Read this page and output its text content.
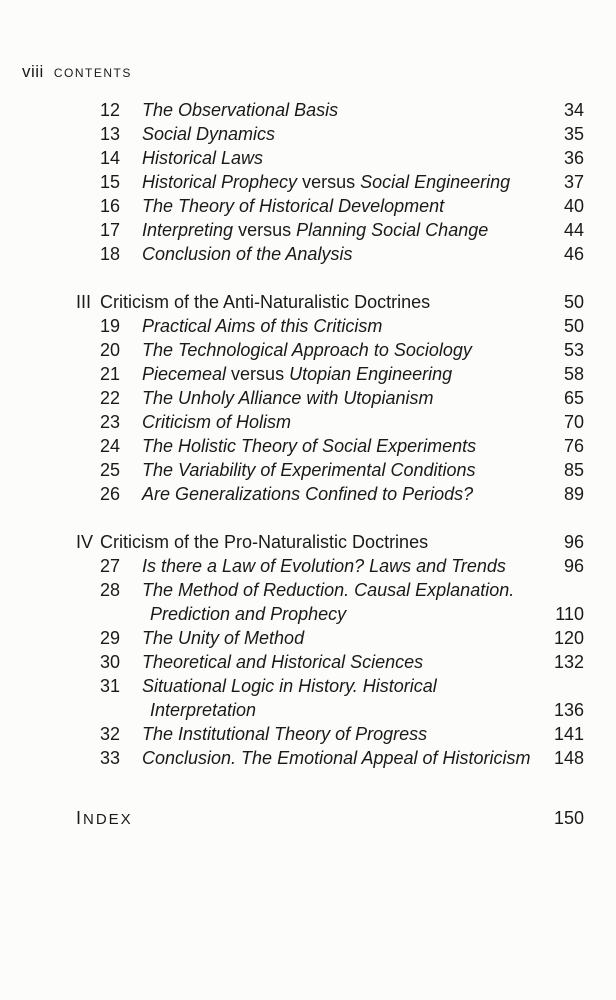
viii CONTENTS
12	The Observational Basis	34
13	Social Dynamics	35
14	Historical Laws	36
15	Historical Prophecy versus Social Engineering	37
16	The Theory of Historical Development	40
17	Interpreting versus Planning Social Change	44
18	Conclusion of the Analysis	46
III Criticism of the Anti-Naturalistic Doctrines	50
19	Practical Aims of this Criticism	50
20	The Technological Approach to Sociology	53
21	Piecemeal versus Utopian Engineering	58
22	The Unholy Alliance with Utopianism	65
23	Criticism of Holism	70
24	The Holistic Theory of Social Experiments	76
25	The Variability of Experimental Conditions	85
26	Are Generalizations Confined to Periods?	89
IV Criticism of the Pro-Naturalistic Doctrines	96
27	Is there a Law of Evolution? Laws and Trends	96
28	The Method of Reduction. Causal Explanation.
Prediction and Prophecy	110
29	The Unity of Method	120
30	Theoretical and Historical Sciences	132
31	Situational Logic in History. Historical
Interpretation	136
32	The Institutional Theory of Progress	141
33	Conclusion. The Emotional Appeal of Historicism 148
INDEX	150
